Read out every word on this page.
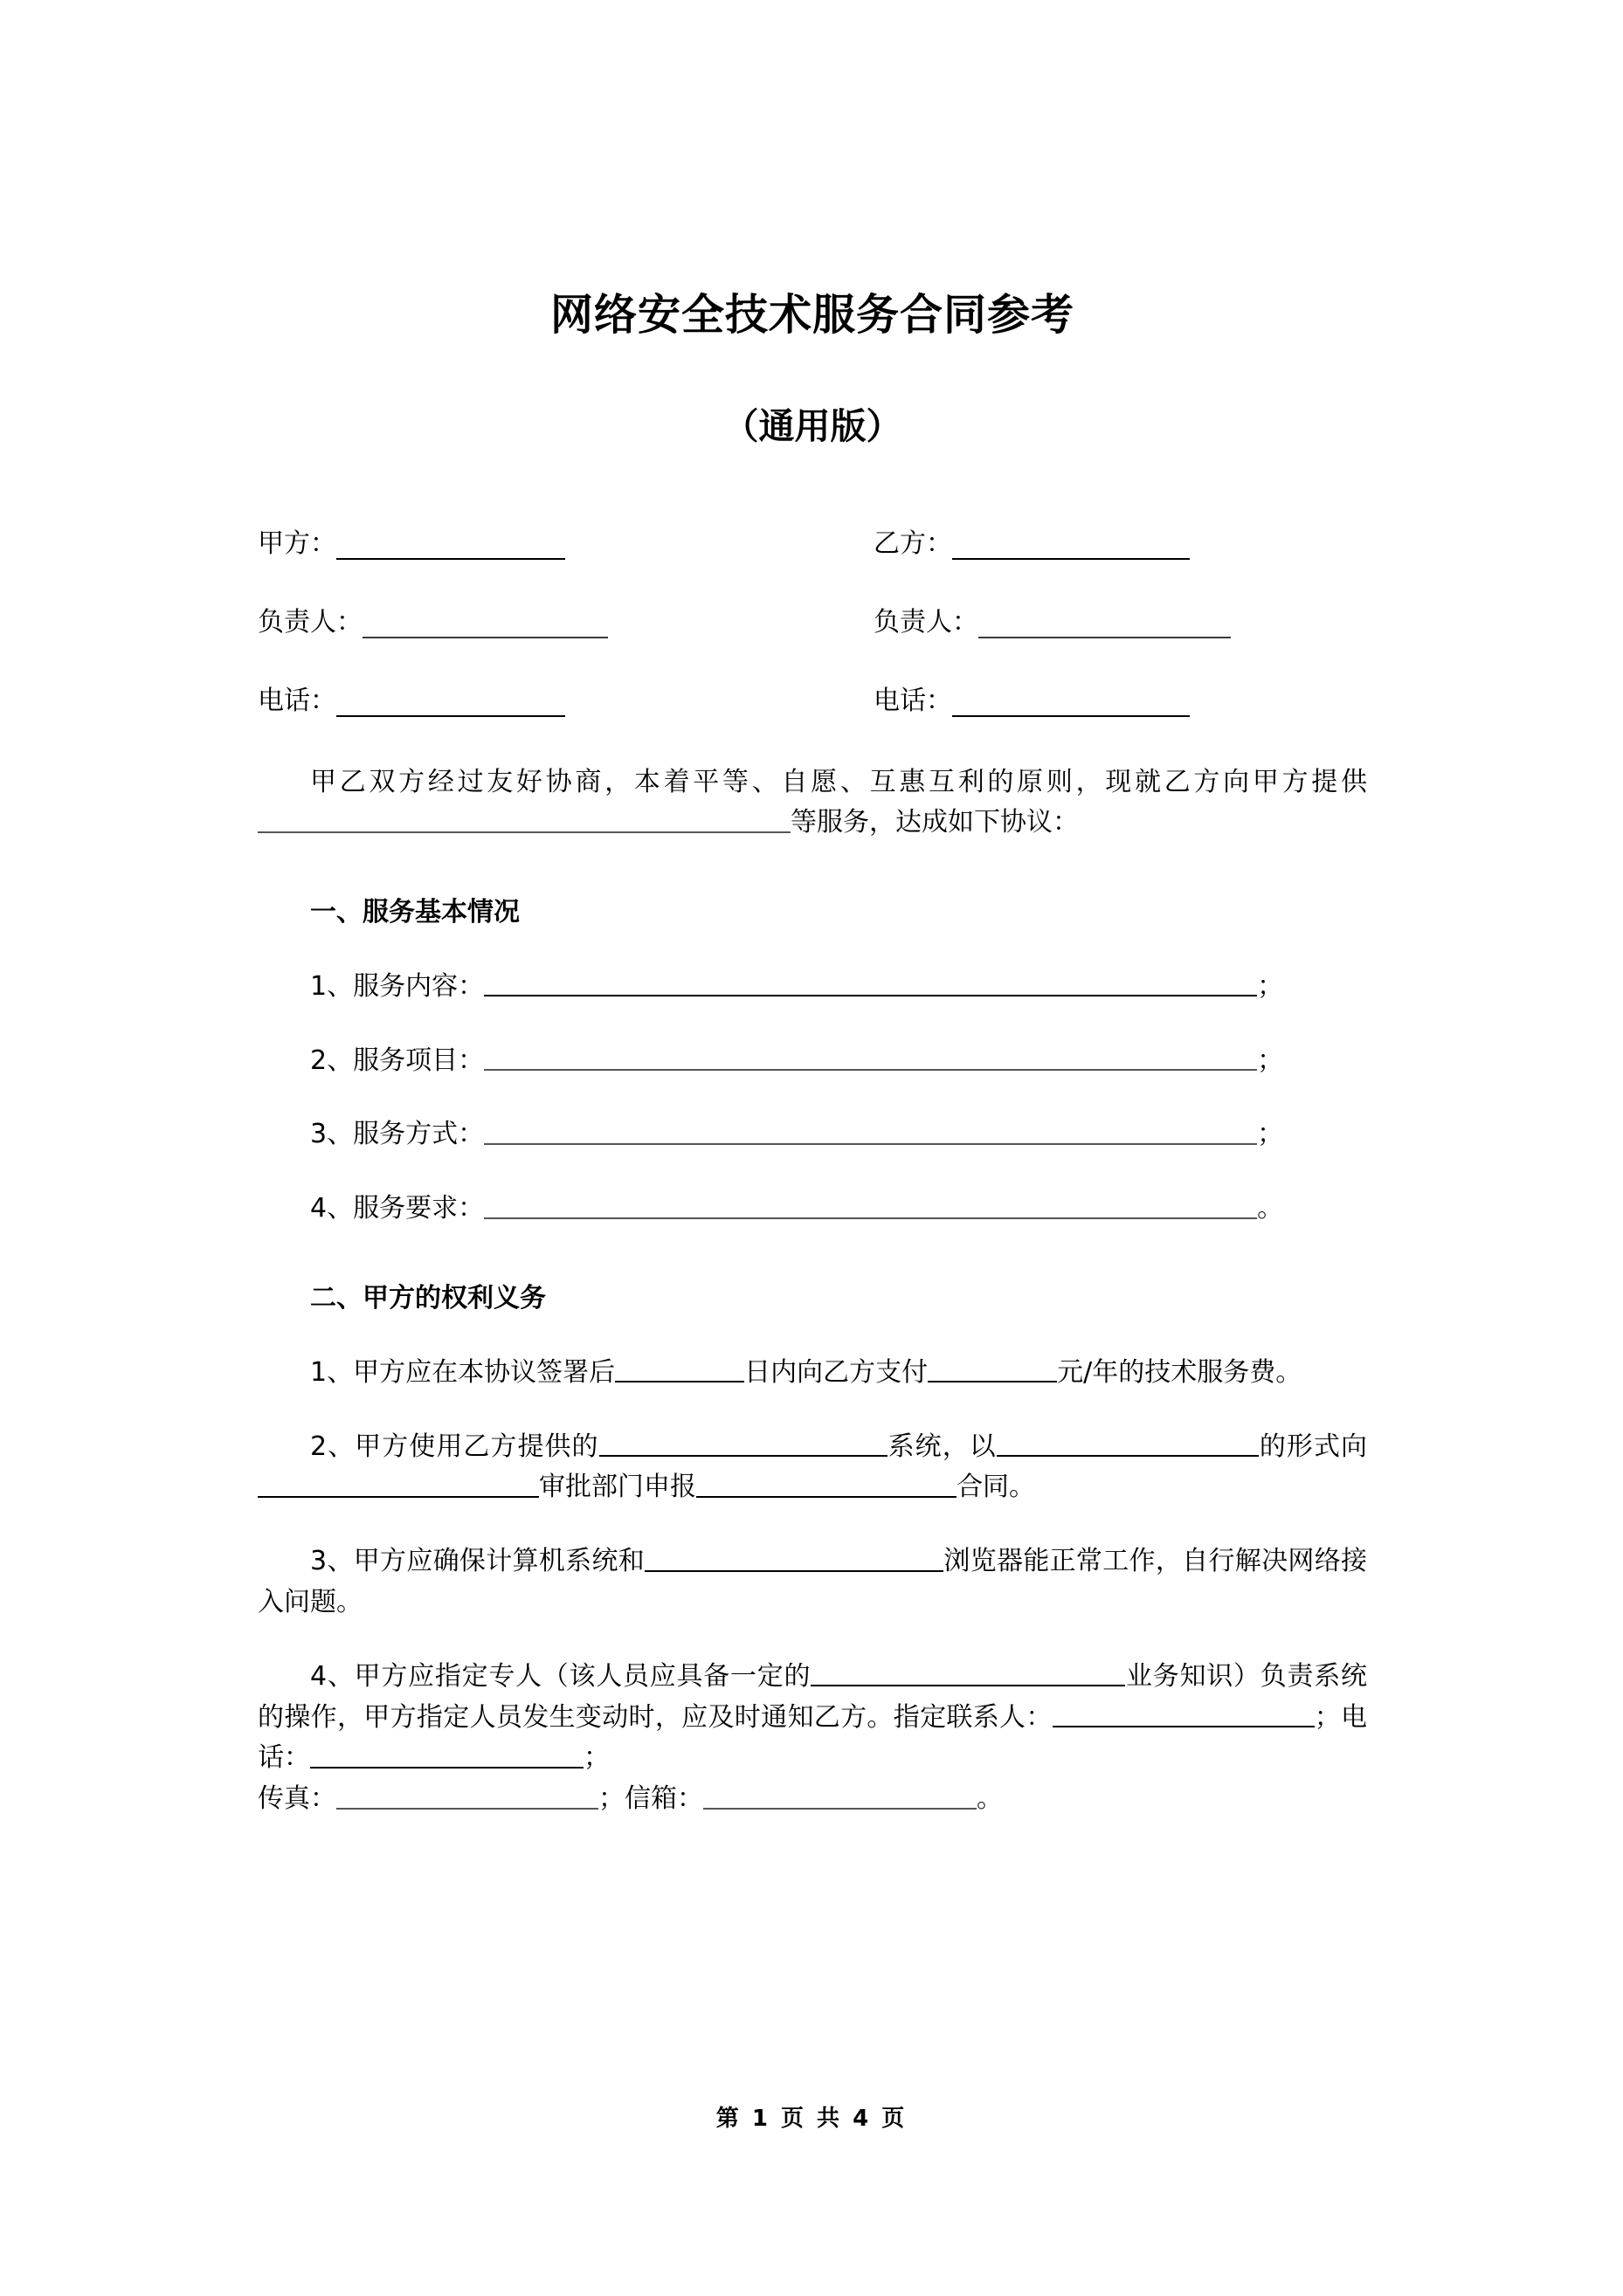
网络安全技术服务合同参考
（通用版）
甲方：	乙方：
负责人：	负责人：
电话：	电话：

甲乙双方经过友好协商，本着平等、自愿、互惠互利的原则，现就乙方向甲方提供等服务，达成如下协议：

一、服务基本情况

1、服务内容：	；

2、服务项目：	；

3、服务方式：	；

4、服务要求：	。

二、甲方的权利义务

1、甲方应在本协议签署后	日内向乙方支付	元/年的技术服务费。

2、甲方使用乙方提供的	系统，以	的形式向审批部门申报	合同。

3、甲方应确保计算机系统和	浏览器能正常工作，自行解决网络接入问题。

4、甲方应指定专人（该人员应具备一定的	业务知识）负责系统的操作，甲方指定人员发生变动时，应及时通知乙方。指定联系人：	；电话：	；
传真：	；信箱：	。

第 1 页 共 4 页
